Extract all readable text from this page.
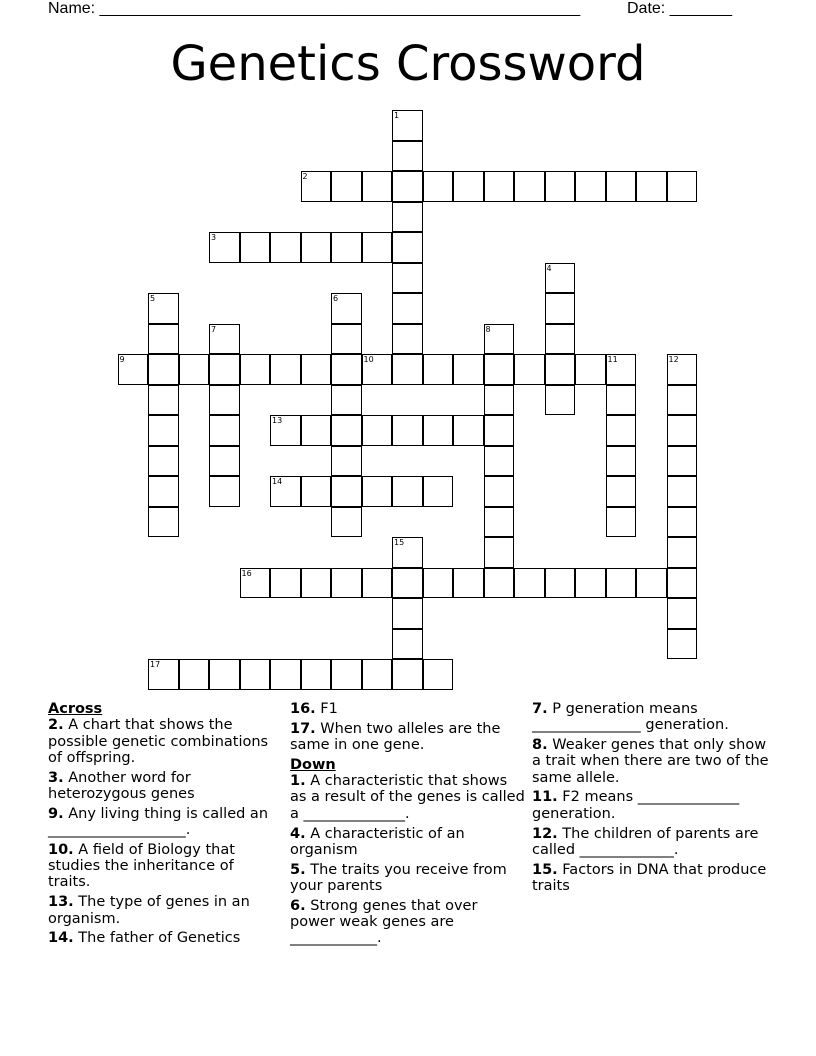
Name: ______________________________________________________	Date: _______
Genetics Crossword
1
2
3
4
5	6
7	8
9	10	11	12
13
14
15
16
17
Across
2. A chart that shows the possible genetic combinations of offspring.
3. Another word for heterozygous genes
9. Any living thing is called an ___________________.
10. A field of Biology that studies the inheritance of traits.
13. The type of genes in an organism.
14. The father of Genetics
16. F1
17. When two alleles are the same in one gene.
Down
1. A characteristic that shows as a result of the genes is called a ______________.
4. A characteristic of an organism
5. The traits you receive from your parents
6. Strong genes that over power weak genes are ____________.
7. P generation means _______________ generation.
8. Weaker genes that only show a trait when there are two of the same allele.
11. F2 means ______________ generation.
12. The children of parents are called _____________.
15. Factors in DNA that produce traits
